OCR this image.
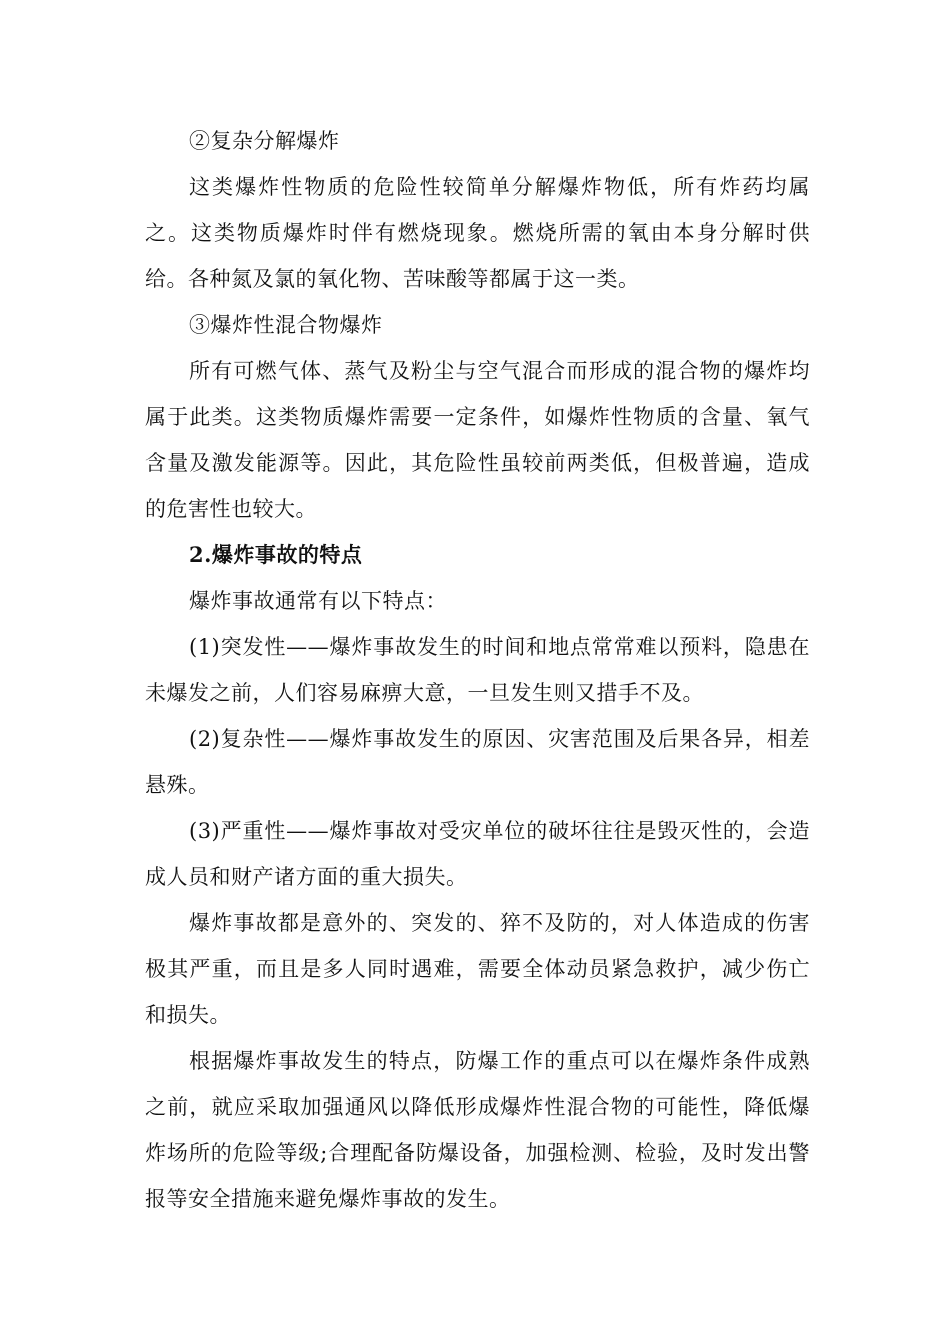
②复杂分解爆炸

这类爆炸性物质的危险性较简单分解爆炸物低，所有炸药均属之。这类物质爆炸时伴有燃烧现象。燃烧所需的氧由本身分解时供给。各种氮及氯的氧化物、苦味酸等都属于这一类。

③爆炸性混合物爆炸

所有可燃气体、蒸气及粉尘与空气混合而形成的混合物的爆炸均属于此类。这类物质爆炸需要一定条件，如爆炸性物质的含量、氧气含量及激发能源等。因此，其危险性虽较前两类低，但极普遍，造成的危害性也较大。

2.爆炸事故的特点

爆炸事故通常有以下特点：

(1)突发性——爆炸事故发生的时间和地点常常难以预料，隐患在未爆发之前，人们容易麻痹大意，一旦发生则又措手不及。

(2)复杂性——爆炸事故发生的原因、灾害范围及后果各异，相差悬殊。

(3)严重性——爆炸事故对受灾单位的破坏往往是毁灭性的，会造成人员和财产诸方面的重大损失。

爆炸事故都是意外的、突发的、猝不及防的，对人体造成的伤害极其严重，而且是多人同时遇难，需要全体动员紧急救护，减少伤亡和损失。

根据爆炸事故发生的特点，防爆工作的重点可以在爆炸条件成熟之前，就应采取加强通风以降低形成爆炸性混合物的可能性，降低爆炸场所的危险等级;合理配备防爆设备，加强检测、检验，及时发出警报等安全措施来避免爆炸事故的发生。
